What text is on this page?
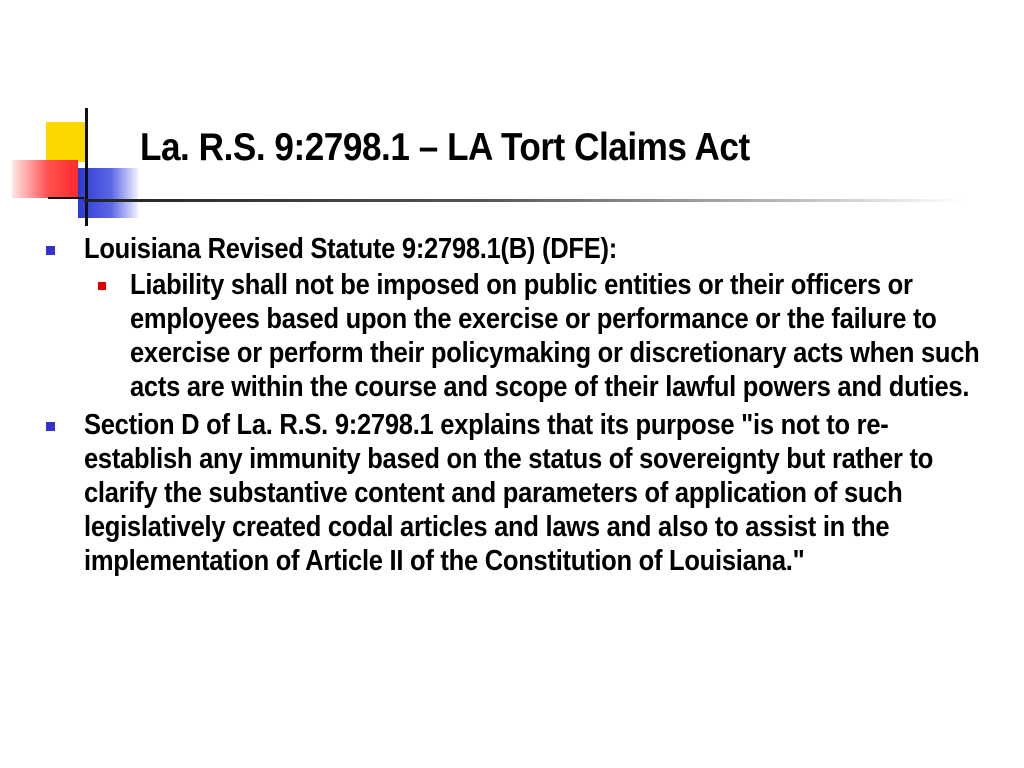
La. R.S. 9:2798.1 – LA Tort Claims Act
Louisiana Revised Statute 9:2798.1(B) (DFE):
Liability shall not be imposed on public entities or their officers or employees based upon the exercise or performance or the failure to exercise or perform their policymaking or discretionary acts when such acts are within the course and scope of their lawful powers and duties.
Section D of La. R.S. 9:2798.1 explains that its purpose "is not to re-establish any immunity based on the status of sovereignty but rather to clarify the substantive content and parameters of application of such legislatively created codal articles and laws and also to assist in the implementation of Article II of the Constitution of Louisiana."
